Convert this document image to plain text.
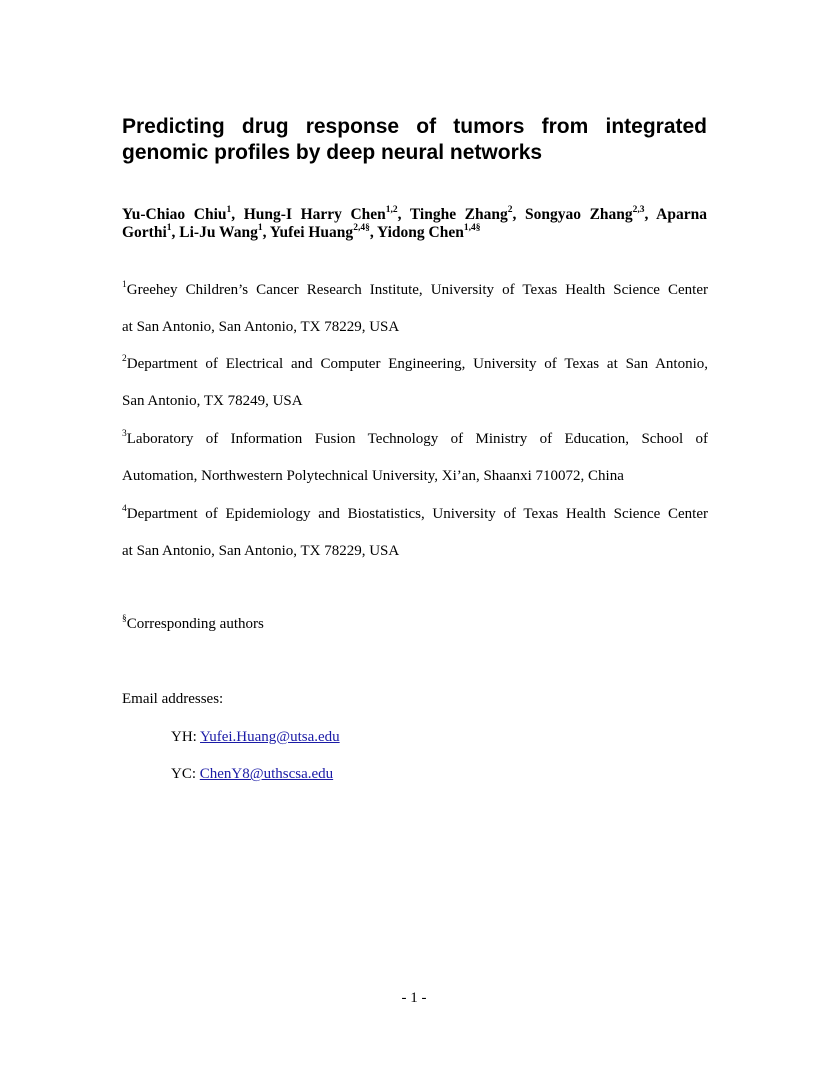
Predicting drug response of tumors from integrated
genomic profiles by deep neural networks
Yu-Chiao Chiu$^1$, Hung-I Harry Chen$^{1,2}$, Tinghe Zhang$^2$, Songyao Zhang$^{2,3}$, Aparna
Gorthi$^1$, Li-Ju Wang$^1$, Yufei Huang$^{2,4\S}$, Yidong Chen$^{1,4\S}$
$^1$Greehey Children’s Cancer Research Institute, University of Texas Health Science Center
at San Antonio, San Antonio, TX 78229, USA
$^2$Department of Electrical and Computer Engineering, University of Texas at San Antonio,
San Antonio, TX 78249, USA
$^3$Laboratory of Information Fusion Technology of Ministry of Education, School of
Automation, Northwestern Polytechnical University, Xi’an, Shaanxi 710072, China
$^4$Department of Epidemiology and Biostatistics, University of Texas Health Science Center
at San Antonio, San Antonio, TX 78229, USA
§Corresponding authors
Email addresses:
YH: Yufei.Huang@utsa.edu
YC: ChenY8@uthscsa.edu
- 1 -
